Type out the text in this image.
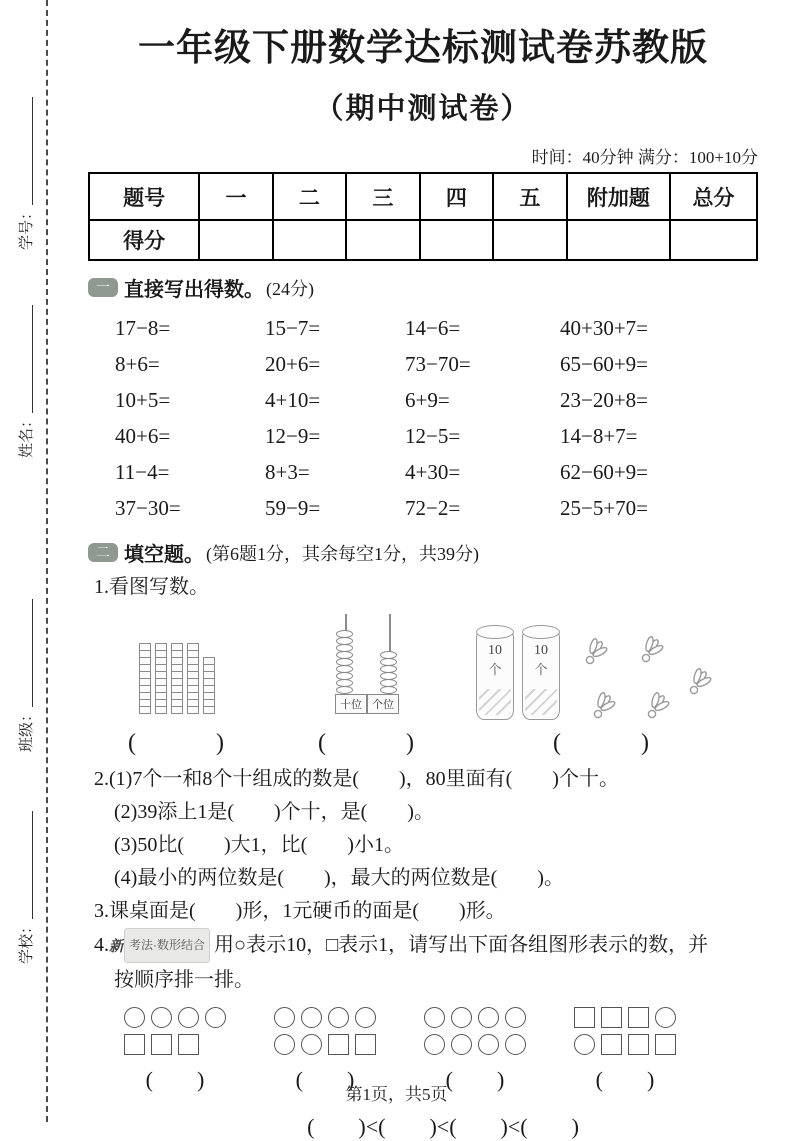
学号：
姓名：
班级：
学校：
一年级下册数学达标测试卷苏教版
（期中测试卷）
时间：40分钟 满分：100+10分
题号	一	二	三	四	五	附加题	总分
得分							
一 直接写出得数。 (24分)
17−8=	15−7=	14−6=	40+30+7=
8+6=	20+6=	73−70=	65−60+9=
10+5=	4+10=	6+9=	23−20+8=
40+6=	12−9=	12−5=	14−8+7=
11−4=	8+3=	4+30=	62−60+9=
37−30=	59−9=	72−2=	25−5+70=
二 填空题。 (第6题1分，其余每空1分，共39分)
1.看图写数。
(　　　)
十位 个位
(　　　)
10
个
10
个
(　　　)
2.(1)7个一和8个十组成的数是(　　)，80里面有(　　)个十。
(2)39添上1是(　　)个十，是(　　)。
(3)50比(　　)大1，比(　　)小1。
(4)最小的两位数是(　　)，最大的两位数是(　　)。
3.课桌面是(　　)形，1元硬币的面是(　　)形。
4.新 考法·数形结合 用○表示10，□表示1，请写出下面各组图形表示的数，并
按顺序排一排。
(　　)	(　　)	(　　)	(　　)
(　　)<(　　)<(　　)<(　　)
第1页，共5页
